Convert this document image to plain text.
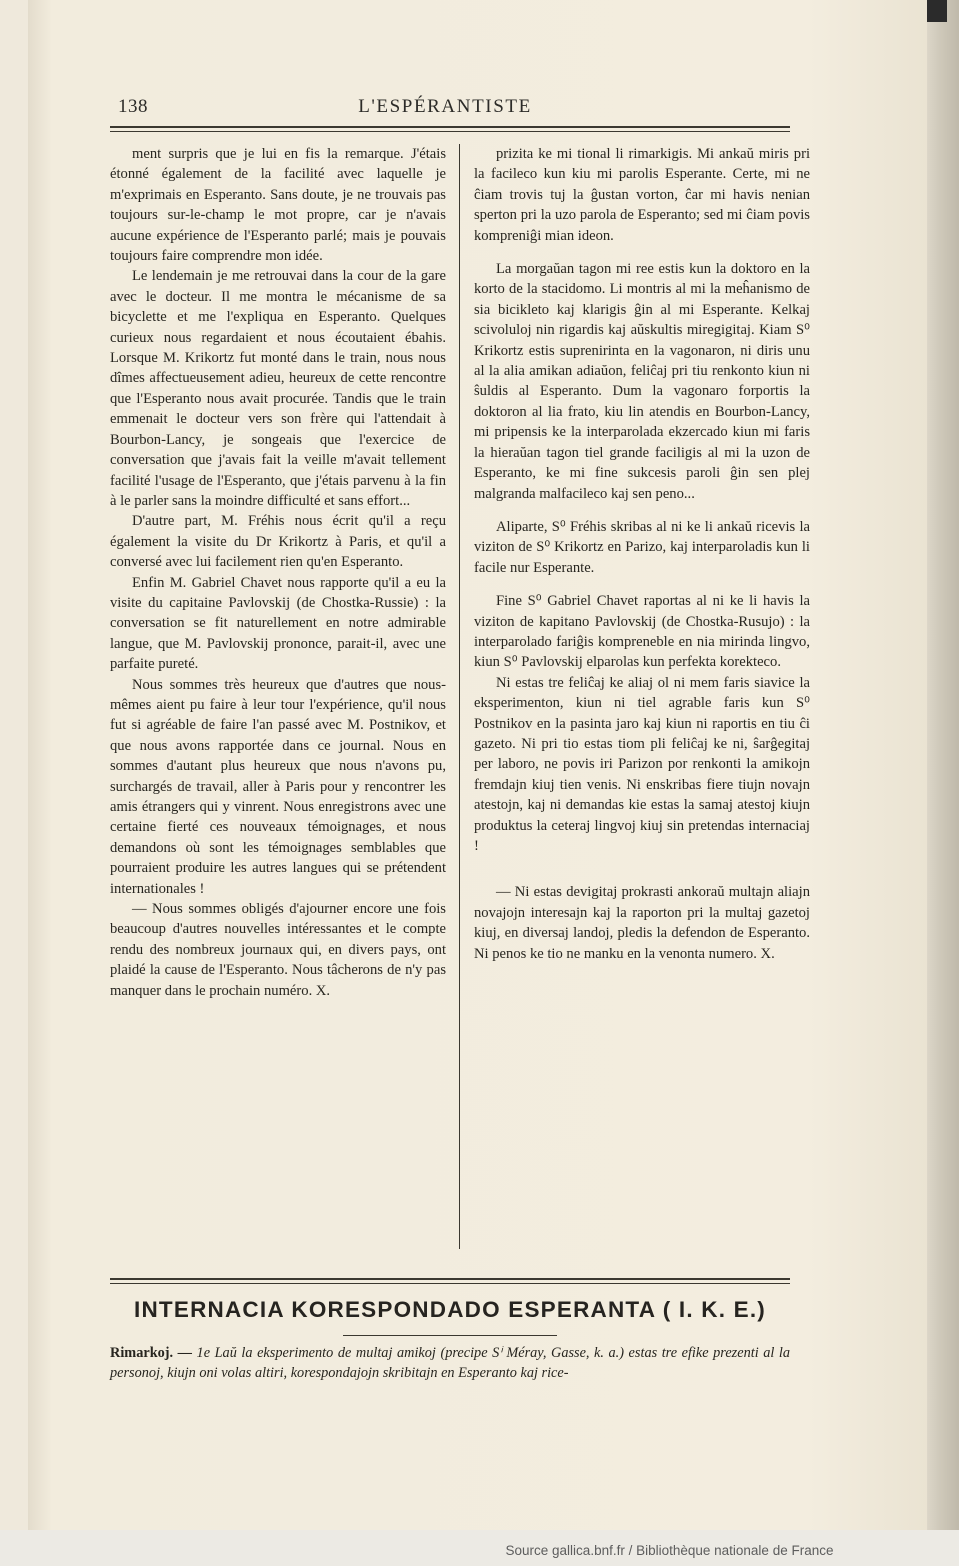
138	L'ESPÉRANTISTE

ment surpris que je lui en fis la remarque. J'étais étonné également de la facilité avec laquelle je m'exprimais en Esperanto. Sans doute, je ne trouvais pas toujours sur-le-champ le mot propre, car je n'avais aucune expérience de l'Esperanto parlé; mais je pouvais toujours faire comprendre mon idée.

Le lendemain je me retrouvai dans la cour de la gare avec le docteur. Il me montra le mécanisme de sa bicyclette et me l'expliqua en Esperanto. Quelques curieux nous regardaient et nous écoutaient ébahis. Lorsque M. Krikortz fut monté dans le train, nous nous dîmes affectueusement adieu, heureux de cette rencontre que l'Esperanto nous avait procurée. Tandis que le train emmenait le docteur vers son frère qui l'attendait à Bourbon-Lancy, je songeais que l'exercice de conversation que j'avais fait la veille m'avait tellement facilité l'usage de l'Esperanto, que j'étais parvenu à la fin à le parler sans la moindre difficulté et sans effort...

D'autre part, M. Fréhis nous écrit qu'il a reçu également la visite du Dr Krikortz à Paris, et qu'il a conversé avec lui facilement rien qu'en Esperanto.

Enfin M. Gabriel Chavet nous rapporte qu'il a eu la visite du capitaine Pavlovskij (de Chostka-Russie) : la conversation se fit naturellement en notre admirable langue, que M. Pavlovskij prononce, parait-il, avec une parfaite pureté.

Nous sommes très heureux que d'autres que nous-mêmes aient pu faire à leur tour l'expérience, qu'il nous fut si agréable de faire l'an passé avec M. Postnikov, et que nous avons rapportée dans ce journal. Nous en sommes d'autant plus heureux que nous n'avons pu, surchargés de travail, aller à Paris pour y rencontrer les amis étrangers qui y vinrent. Nous enregistrons avec une certaine fierté ces nouveaux témoignages, et nous demandons où sont les témoignages semblables que pourraient produire les autres langues qui se prétendent internationales !

— Nous sommes obligés d'ajourner encore une fois beaucoup d'autres nouvelles intéressantes et le compte rendu des nombreux journaux qui, en divers pays, ont plaidé la cause de l'Esperanto. Nous tâcherons de n'y pas manquer dans le prochain numéro. X.

prizita ke mi tional li rimarkigis. Mi ankaŭ miris pri la facileco kun kiu mi parolis Esperante. Certe, mi ne ĉiam trovis tuj la ĝustan vorton, ĉar mi havis nenian sperton pri la uzo parola de Esperanto; sed mi ĉiam povis kompreniĝi mian ideon.

La morgaŭan tagon mi ree estis kun la doktoro en la korto de la stacidomo. Li montris al mi la meĥanismo de sia bicikleto kaj klarigis ĝin al mi Esperante. Kelkaj scivoluloj nin rigardis kaj aŭskultis miregigitaj. Kiam S⁰ Krikortz estis suprenirinta en la vagonaron, ni diris unu al la alia amikan adiaŭon, feliĉaj pri tiu renkonto kiun ni ŝuldis al Esperanto. Dum la vagonaro forportis la doktoron al lia frato, kiu lin atendis en Bourbon-Lancy, mi pripensis ke la interparolada ekzercado kiun mi faris la hieraŭan tagon tiel grande faciligis al mi la uzon de Esperanto, ke mi fine sukcesis paroli ĝin sen plej malgranda malfacileco kaj sen peno...

Aliparte, S⁰ Fréhis skribas al ni ke li ankaŭ ricevis la viziton de S⁰ Krikortz en Parizo, kaj interparoladis kun li facile nur Esperante.

Fine S⁰ Gabriel Chavet raportas al ni ke li havis la viziton de kapitano Pavlovskij (de Chostka-Rusujo) : la interparolado fariĝis kompreneble en nia mirinda lingvo, kiun S⁰ Pavlovskij elparolas kun perfekta korekteco.

Ni estas tre feliĉaj ke aliaj ol ni mem faris siavice la eksperimenton, kiun ni tiel agrable faris kun S⁰ Postnikov en la pasinta jaro kaj kiun ni raportis en tiu ĉi gazeto. Ni pri tio estas tiom pli feliĉaj ke ni, ŝarĝegitaj per laboro, ne povis iri Parizon por renkonti la amikojn fremdajn kiuj tien venis. Ni enskribas fiere tiujn novajn atestojn, kaj ni demandas kie estas la samaj atestoj kiujn produktus la ceteraj lingvoj kiuj sin pretendas internaciaj !

— Ni estas devigitaj prokrasti ankoraŭ multajn aliajn novajojn interesajn kaj la raporton pri la multaj gazetoj kiuj, en diversaj landoj, pledis la defendon de Esperanto. Ni penos ke tio ne manku en la venonta numero. X.

INTERNACIA KORESPONDADO ESPERANTA ( I. K. E.)
Rimarkoj. — 1e Laŭ la eksperimento de multaj amikoj (precipe Sⁱ Méray, Gasse, k. a.) estas tre efike prezenti al la personoj, kiujn oni volas altiri, korespondajojn skribitajn en Esperanto kaj rice-
Source gallica.bnf.fr / Bibliothèque nationale de France
